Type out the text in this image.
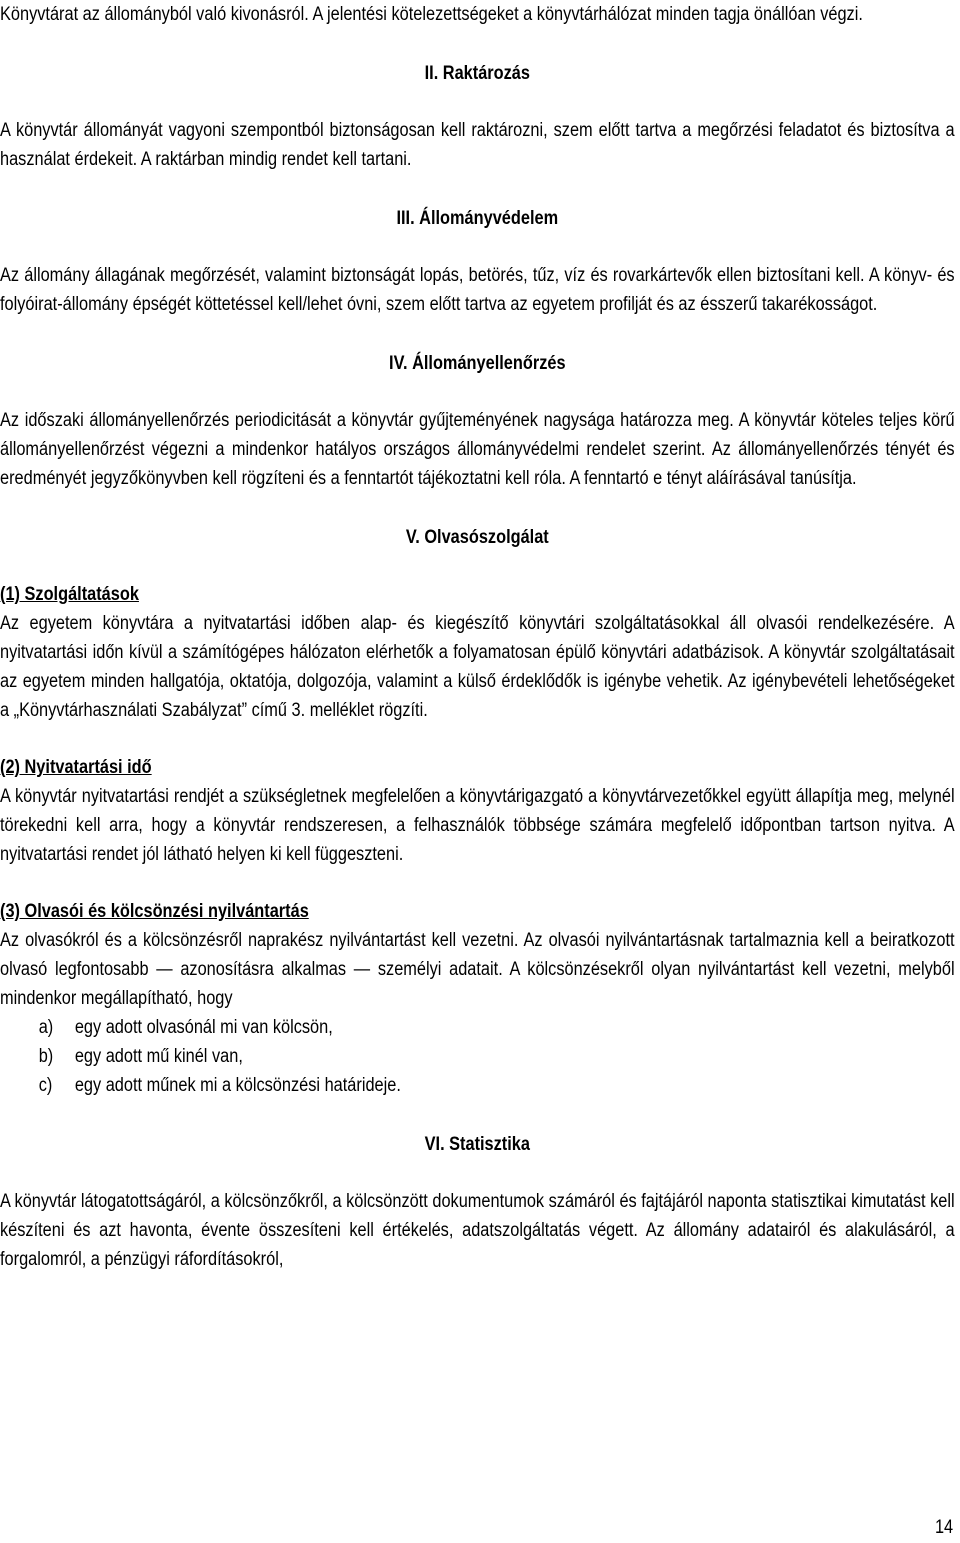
Könyvtárat az állományból való kivonásról. A jelentési kötelezettségeket a könyvtárhálózat minden tagja önállóan végzi.

II. Raktározás

A könyvtár állományát vagyoni szempontból biztonságosan kell raktározni, szem előtt tartva a megőrzési feladatot és biztosítva a használat érdekeit. A raktárban mindig rendet kell tartani.

III. Állományvédelem

Az állomány állagának megőrzését, valamint biztonságát lopás, betörés, tűz, víz és rovarkártevők ellen biztosítani kell. A könyv- és folyóirat-állomány épségét köttetéssel kell/lehet óvni, szem előtt tartva az egyetem profilját és az ésszerű takarékosságot.

IV. Állományellenőrzés

Az időszaki állományellenőrzés periodicitását a könyvtár gyűjteményének nagysága határozza meg. A könyvtár köteles teljes körű állományellenőrzést végezni a mindenkor hatályos országos állományvédelmi rendelet szerint. Az állományellenőrzés tényét és eredményét jegyzőkönyvben kell rögzíteni és a fenntartót tájékoztatni kell róla. A fenntartó e tényt aláírásával tanúsítja.

V. Olvasószolgálat

(1) Szolgáltatások

Az egyetem könyvtára a nyitvatartási időben alap- és kiegészítő könyvtári szolgáltatásokkal áll olvasói rendelkezésére. A nyitvatartási időn kívül a számítógépes hálózaton elérhetők a folyamatosan épülő könyvtári adatbázisok. A könyvtár szolgáltatásait az egyetem minden hallgatója, oktatója, dolgozója, valamint a külső érdeklődők is igénybe vehetik. Az igénybevételi lehetőségeket a „Könyvtárhasználati Szabályzat” című 3. melléklet rögzíti.

(2) Nyitvatartási idő

A könyvtár nyitvatartási rendjét a szükségletnek megfelelően a könyvtárigazgató a könyvtárvezetőkkel együtt állapítja meg, melynél törekedni kell arra, hogy a könyvtár rendszeresen, a felhasználók többsége számára megfelelő időpontban tartson nyitva. A nyitvatartási rendet jól látható helyen ki kell függeszteni.

(3) Olvasói és kölcsönzési nyilvántartás

Az olvasókról és a kölcsönzésről naprakész nyilvántartást kell vezetni. Az olvasói nyilvántartásnak tartalmaznia kell a beiratkozott olvasó legfontosabb — azonosításra alkalmas — személyi adatait. A kölcsönzésekről olyan nyilvántartást kell vezetni, melyből mindenkor megállapítható, hogy

a) egy adott olvasónál mi van kölcsön,
b) egy adott mű kinél van,
c) egy adott műnek mi a kölcsönzési határideje.

VI. Statisztika

A könyvtár látogatottságáról, a kölcsönzőkről, a kölcsönzött dokumentumok számáról és fajtájáról naponta statisztikai kimutatást kell készíteni és azt havonta, évente összesíteni kell értékelés, adatszolgáltatás végett. Az állomány adatairól és alakulásáról, a forgalomról, a pénzügyi ráfordításokról,

14
